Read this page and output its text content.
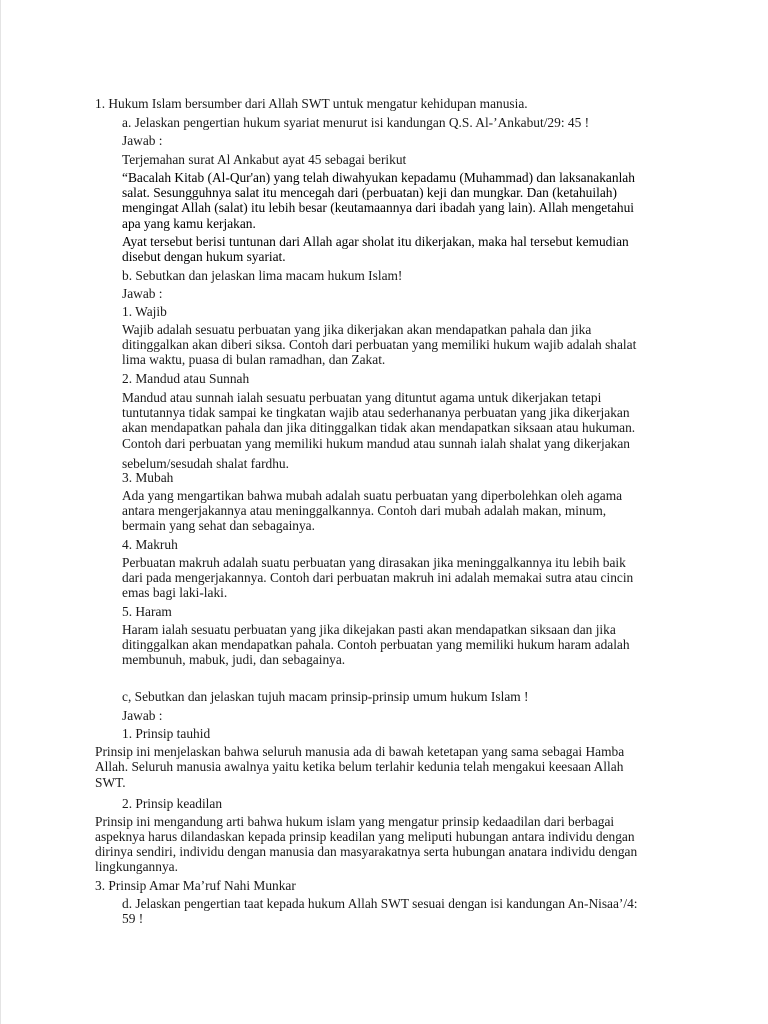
1. Hukum Islam bersumber dari Allah SWT untuk mengatur kehidupan manusia.
a. Jelaskan pengertian hukum syariat menurut isi kandungan Q.S. Al-’Ankabut/29: 45 !
Jawab :
Terjemahan surat Al Ankabut ayat 45 sebagai berikut
“Bacalah Kitab (Al-Qur'an) yang telah diwahyukan kepadamu (Muhammad) dan laksanakanlah
salat. Sesungguhnya salat itu mencegah dari (perbuatan) keji dan mungkar. Dan (ketahuilah)
mengingat Allah (salat) itu lebih besar (keutamaannya dari ibadah yang lain). Allah mengetahui
apa yang kamu kerjakan.
Ayat tersebut berisi tuntunan dari Allah agar sholat itu dikerjakan, maka hal tersebut kemudian
disebut dengan hukum syariat.
b. Sebutkan dan jelaskan lima macam hukum Islam!
Jawab :
1. Wajib
Wajib adalah sesuatu perbuatan yang jika dikerjakan akan mendapatkan pahala dan jika
ditinggalkan akan diberi siksa. Contoh dari perbuatan yang memiliki hukum wajib adalah shalat
lima waktu, puasa di bulan ramadhan, dan Zakat.
2. Mandud atau Sunnah
Mandud atau sunnah ialah sesuatu perbuatan yang dituntut agama untuk dikerjakan tetapi
tuntutannya tidak sampai ke tingkatan wajib atau sederhananya perbuatan yang jika dikerjakan
akan mendapatkan pahala dan jika ditinggalkan tidak akan mendapatkan siksaan atau hukuman.
Contoh dari perbuatan yang memiliki hukum mandud atau sunnah ialah shalat yang dikerjakan
sebelum/sesudah shalat fardhu.
3. Mubah
Ada yang mengartikan bahwa mubah adalah suatu perbuatan yang diperbolehkan oleh agama
antara mengerjakannya atau meninggalkannya. Contoh dari mubah adalah makan, minum,
bermain yang sehat dan sebagainya.
4. Makruh
Perbuatan makruh adalah suatu perbuatan yang dirasakan jika meninggalkannya itu lebih baik
dari pada mengerjakannya. Contoh dari perbuatan makruh ini adalah memakai sutra atau cincin
emas bagi laki-laki.
5. Haram
Haram ialah sesuatu perbuatan yang jika dikejakan pasti akan mendapatkan siksaan dan jika
ditinggalkan akan mendapatkan pahala. Contoh perbuatan yang memiliki hukum haram adalah
membunuh, mabuk, judi, dan sebagainya.
c, Sebutkan dan jelaskan tujuh macam prinsip-prinsip umum hukum Islam !
Jawab :
1. Prinsip tauhid
Prinsip ini menjelaskan bahwa seluruh manusia ada di bawah ketetapan yang sama sebagai Hamba
Allah. Seluruh manusia awalnya yaitu ketika belum terlahir kedunia telah mengakui keesaan Allah
SWT.
2. Prinsip keadilan
Prinsip ini mengandung arti bahwa hukum islam yang mengatur prinsip kedaadilan dari berbagai
aspeknya harus dilandaskan kepada prinsip keadilan yang meliputi hubungan antara individu dengan
dirinya sendiri, individu dengan manusia dan masyarakatnya serta hubungan anatara individu dengan
lingkungannya.
3. Prinsip Amar Ma’ruf Nahi Munkar
d. Jelaskan pengertian taat kepada hukum Allah SWT sesuai dengan isi kandungan An-Nisaa’/4:
59 !
